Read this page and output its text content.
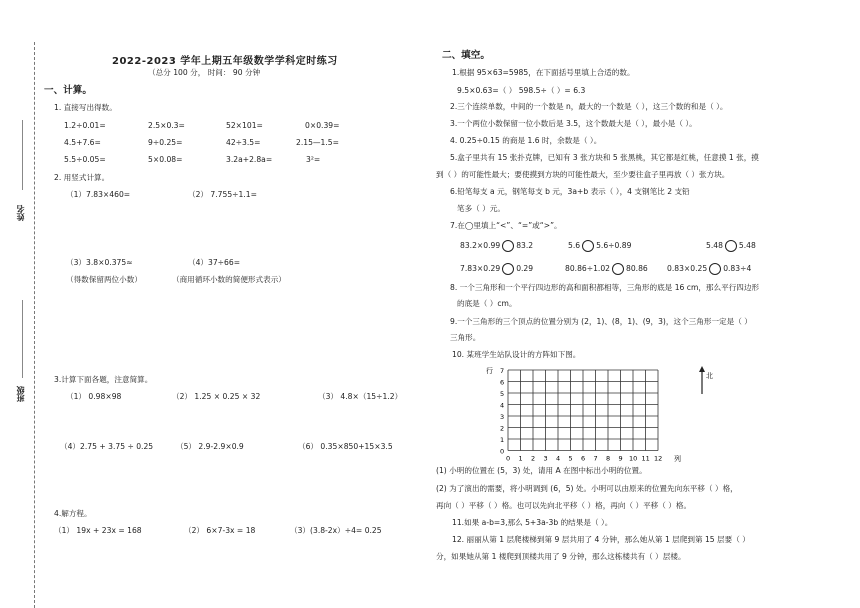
姓名
班级
2022-2023 学年上期五年级数学学科定时练习
（总分 100 分， 时间： 90 分钟
一、计算。
1. 直接写出得数。
1.2÷0.01=	2.5×0.3=	52×101=	0×0.39=
4.5+7.6=	9÷0.25=	42÷3.5=	2.15—1.5=
5.5÷0.05=	5×0.08=	3.2a+2.8a=	3²=
2. 用竖式计算。
（1）7.83×460=	（2） 7.755÷1.1=
（3）3.8×0.375≈	（4）37÷66=
（得数保留两位小数）	（商用循环小数的简便形式表示）
3.计算下面各题，注意简算。
（1） 0.98×98	（2） 1.25 × 0.25 × 32	（3） 4.8×（15÷1.2）
（4）2.75 + 3.75 ÷ 0.25	（5） 2.9-2.9×0.9	（6） 0.35×850+15×3.5
4.解方程。
（1） 19x + 23x = 168	（2） 6×7-3x = 18	（3）(3.8-2x）÷4= 0.25
二、填空。
1.根据 95×63=5985，在下面括号里填上合适的数。
9.5×0.63=（ ） 598.5÷（ ）= 6.3
2.三个连续单数，中间的一个数是 n，最大的一个数是（ ），这三个数的和是（ ）。
3.一个两位小数保留一位小数后是 3.5，这个数最大是（ ），最小是（ ）。
4. 0.25÷0.15 的商是 1.6 时，余数是（ ）。
5.盒子里共有 15 张扑克牌，已知有 3 张方块和 5 张黑桃，其它都是红桃，任意摸 1 张，摸
到（ ）的可能性最大；要使摸到方块的可能性最大，至少要往盒子里再放（ ）张方块。
6.铅笔每支 a 元，钢笔每支 b 元，3a+b 表示（ ），4 支钢笔比 2 支铅
笔多（ ）元。
7.在◯里填上“<”、“=”或“>”。
83.2×0.99 83.2	5.6 5.6÷0.89	5.48 5.48
7.83×0.29 0.29	80.86÷1.02 80.86	0.83×0.25 0.83÷4
8. 一个三角形和一个平行四边形的高和面积都相等，三角形的底是 16 cm，那么平行四边形
的底是（ ）cm。
9.一个三角形的三个顶点的位置分别为 (2，1)、(8，1)、(9，3)，这个三角形一定是（ ）
三角形。
10. 某班学生站队设计的方阵如下图。
7
6
5
4
3
2
1
0
0 1 2 3 4 5 6 7 8 9 10 11 12
行
列
北
(1) 小明的位置在 (5，3) 处，请用 A 在图中标出小明的位置。
(2) 为了演出的需要，将小明调到 (6，5) 处。小明可以由原来的位置先向东平移（ ）格，
再向（ ）平移（ ）格。也可以先向北平移（ ）格，再向（ ）平移（ ）格。
11.如果 a-b=3,那么 5+3a-3b 的结果是（ ）。
12. 丽丽从第 1 层爬楼梯到第 9 层共用了 4 分钟，那么她从第 1 层爬到第 15 层要（ ）
分，如果她从第 1 楼爬到顶楼共用了 9 分钟，那么这栋楼共有（ ）层楼。
